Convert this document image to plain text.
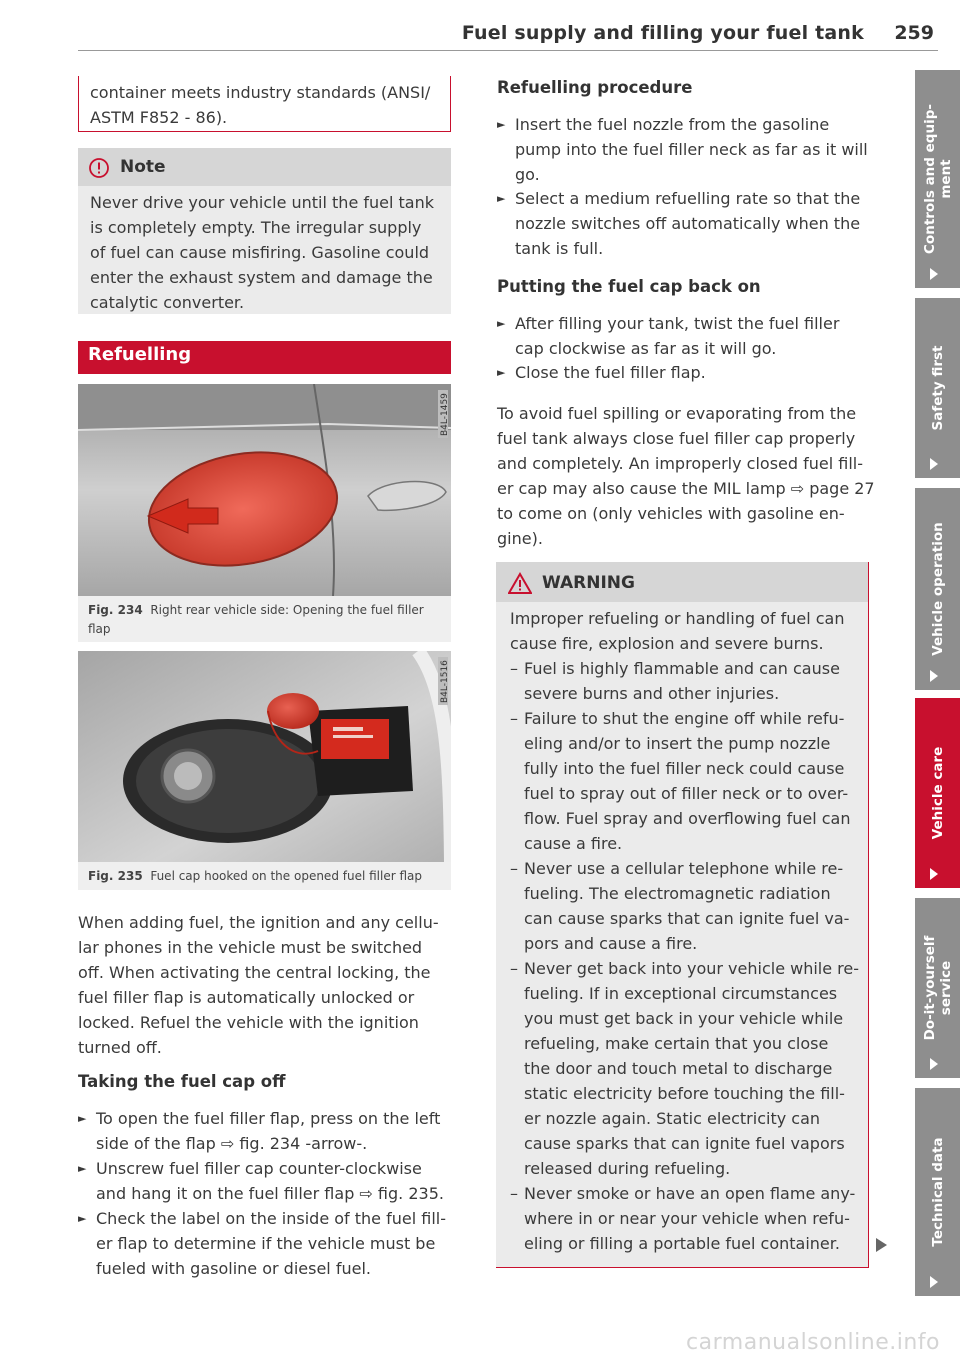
Fuel supply and filling your fuel tank 259
container meets industry standards (ANSI/
ASTM F852 - 86).
Note
Never drive your vehicle until the fuel tank
is completely empty. The irregular supply
of fuel can cause misfiring. Gasoline could
enter the exhaust system and damage the
catalytic converter.
Refuelling
B4L-1459
Fig. 234 Right rear vehicle side: Opening the fuel filler
flap
B4L-1516
Fig. 235 Fuel cap hooked on the opened fuel filler flap
When adding fuel, the ignition and any cellu-
lar phones in the vehicle must be switched
off. When activating the central locking, the
fuel filler flap is automatically unlocked or
locked. Refuel the vehicle with the ignition
turned off.
Taking the fuel cap off
► To open the fuel filler flap, press on the left
side of the flap ⇨ fig. 234 -arrow-.
► Unscrew fuel filler cap counter-clockwise
and hang it on the fuel filler flap ⇨ fig. 235.
► Check the label on the inside of the fuel fill-
er flap to determine if the vehicle must be
fueled with gasoline or diesel fuel.
Refuelling procedure
► Insert the fuel nozzle from the gasoline
pump into the fuel filler neck as far as it will
go.
► Select a medium refuelling rate so that the
nozzle switches off automatically when the
tank is full.
Putting the fuel cap back on
► After filling your tank, twist the fuel filler
cap clockwise as far as it will go.
► Close the fuel filler flap.
To avoid fuel spilling or evaporating from the
fuel tank always close fuel filler cap properly
and completely. An improperly closed fuel fill-
er cap may also cause the MIL lamp ⇨ page 27
to come on (only vehicles with gasoline en-
gine).
WARNING
Improper refueling or handling of fuel can
cause fire, explosion and severe burns.
– Fuel is highly flammable and can cause
severe burns and other injuries.
– Failure to shut the engine off while refu-
eling and/or to insert the pump nozzle
fully into the fuel filler neck could cause
fuel to spray out of filler neck or to over-
flow. Fuel spray and overflowing fuel can
cause a fire.
– Never use a cellular telephone while re-
fueling. The electromagnetic radiation
can cause sparks that can ignite fuel va-
pors and cause a fire.
– Never get back into your vehicle while re-
fueling. If in exceptional circumstances
you must get back in your vehicle while
refueling, make certain that you close
the door and touch metal to discharge
static electricity before touching the fill-
er nozzle again. Static electricity can
cause sparks that can ignite fuel vapors
released during refueling.
– Never smoke or have an open flame any-
where in or near your vehicle when refu-
eling or filling a portable fuel container.
Controls and equip- ment
Safety first
Vehicle operation
Vehicle care
Do-it-yourself service
Technical data
carmanualsonline.info
